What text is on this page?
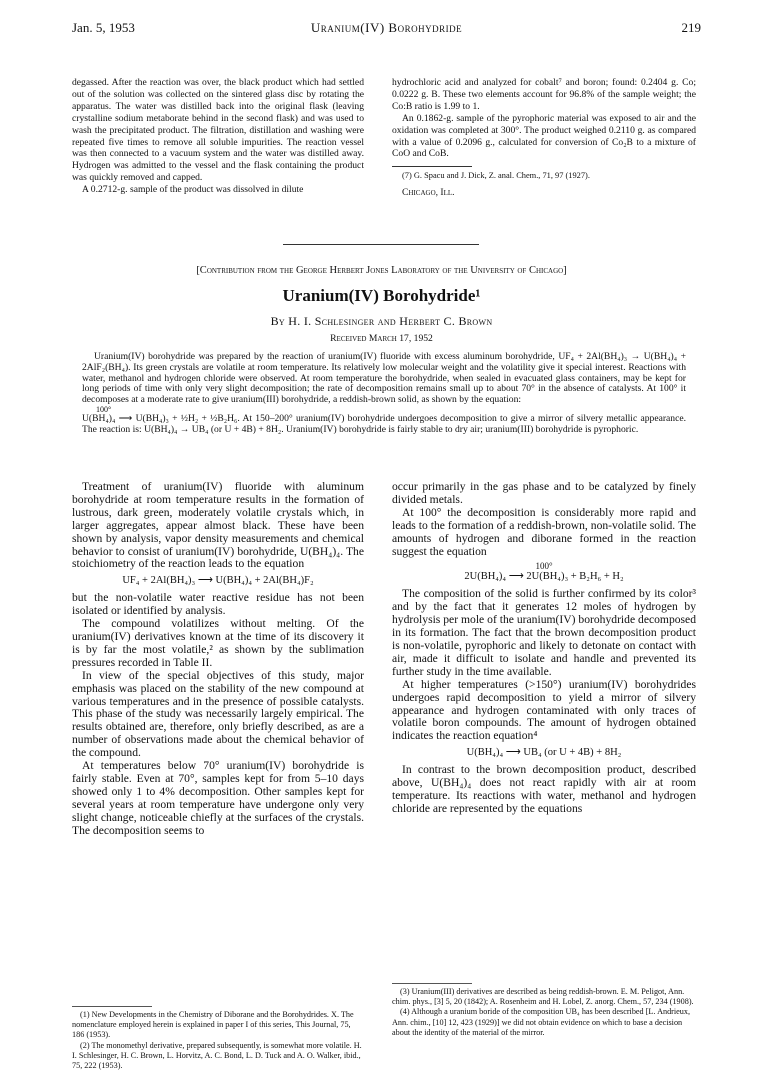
Jan. 5, 1953	Uranium(IV) Borohydride	219

degassed. After the reaction was over, the black product which had settled out of the solution was collected on the sintered glass disc by rotating the apparatus. The water was distilled back into the original flask (leaving crystalline sodium metaborate behind in the second flask) and was used to wash the precipitated product. The filtration, distillation and washing were repeated five times to remove all soluble impurities. The reaction vessel was then connected to a vacuum system and the water was distilled away. Hydrogen was admitted to the vessel and the flask containing the product was quickly removed and capped.

A 0.2712-g. sample of the product was dissolved in dilute

hydrochloric acid and analyzed for cobalt⁷ and boron; found: 0.2404 g. Co; 0.0222 g. B. These two elements account for 96.8% of the sample weight; the Co:B ratio is 1.99 to 1.

An 0.1862-g. sample of the pyrophoric material was exposed to air and the oxidation was completed at 300°. The product weighed 0.2110 g. as compared with a value of 0.2096 g., calculated for conversion of Co₂B to a mixture of CoO and CoB.

(7) G. Spacu and J. Dick, Z. anal. Chem., 71, 97 (1927).

Chicago, Ill.

[Contribution from the George Herbert Jones Laboratory of the University of Chicago]
Uranium(IV) Borohydride¹
By H. I. Schlesinger and Herbert C. Brown
Received March 17, 1952

Uranium(IV) borohydride was prepared by the reaction of uranium(IV) fluoride with excess aluminum borohydride, UF₄ + 2Al(BH₄)₃ → U(BH₄)₄ + 2AlF₂(BH₄). Its green crystals are volatile at room temperature. Its relatively low molecular weight and the volatility give it special interest. Reactions with water, methanol and hydrogen chloride were observed. At room temperature the borohydride, when sealed in evacuated glass containers, may be kept for long periods of time with only very slight decomposition; the rate of decomposition remains small up to about 70° in the absence of catalysts. At 100° it decomposes at a moderate rate to give uranium(III) borohydride, a reddish-brown solid, as shown by the equation:

100°

U(BH₄)₄ ⟶ U(BH₄)₃ + ½H₂ + ½B₂H₆. At 150–200° uranium(IV) borohydride undergoes decomposition to give a mirror of silvery metallic appearance. The reaction is: U(BH₄)₄ → UB₄ (or U + 4B) + 8H₂. Uranium(IV) borohydride is fairly stable to dry air; uranium(III) borohydride is pyrophoric.

Treatment of uranium(IV) fluoride with aluminum borohydride at room temperature results in the formation of lustrous, dark green, moderately volatile crystals which, in larger aggregates, appear almost black. These have been shown by analysis, vapor density measurements and chemical behavior to consist of uranium(IV) borohydride, U(BH₄)₄. The stoichiometry of the reaction leads to the equation

UF₄ + 2Al(BH₄)₃ ⟶ U(BH₄)₄ + 2Al(BH₄)F₂

but the non-volatile water reactive residue has not been isolated or identified by analysis.

The compound volatilizes without melting. Of the uranium(IV) derivatives known at the time of its discovery it is by far the most volatile,² as shown by the sublimation pressures recorded in Table II.

In view of the special objectives of this study, major emphasis was placed on the stability of the new compound at various temperatures and in the presence of possible catalysts. This phase of the study was necessarily largely empirical. The results obtained are, therefore, only briefly described, as are a number of observations made about the chemical behavior of the compound.

At temperatures below 70° uranium(IV) borohydride is fairly stable. Even at 70°, samples kept for from 5–10 days showed only 1 to 4% decomposition. Other samples kept for several years at room temperature have undergone only very slight change, noticeable chiefly at the surfaces of the crystals. The decomposition seems to

(1) New Developments in the Chemistry of Diborane and the Borohydrides. X. The nomenclature employed herein is explained in paper I of this series, This Journal, 75, 186 (1953).

(2) The monomethyl derivative, prepared subsequently, is somewhat more volatile. H. I. Schlesinger, H. C. Brown, L. Horvitz, A. C. Bond, L. D. Tuck and A. O. Walker, ibid., 75, 222 (1953).

occur primarily in the gas phase and to be catalyzed by finely divided metals.

At 100° the decomposition is considerably more rapid and leads to the formation of a reddish-brown, non-volatile solid. The amounts of hydrogen and diborane formed in the reaction suggest the equation

100°
2U(BH₄)₄ ⟶ 2U(BH₄)₃ + B₂H₆ + H₂

The composition of the solid is further confirmed by its color³ and by the fact that it generates 12 moles of hydrogen by hydrolysis per mole of the uranium(IV) borohydride decomposed in its formation. The fact that the brown decomposition product is non-volatile, pyrophoric and likely to detonate on contact with air, made it difficult to isolate and handle and prevented its further study in the time available.

At higher temperatures (>150°) uranium(IV) borohydrides undergoes rapid decomposition to yield a mirror of silvery appearance and hydrogen contaminated with only traces of volatile boron compounds. The amount of hydrogen obtained indicates the reaction equation⁴

U(BH₄)₄ ⟶ UB₄ (or U + 4B) + 8H₂

In contrast to the brown decomposition product, described above, U(BH₄)₄ does not react rapidly with air at room temperature. Its reactions with water, methanol and hydrogen chloride are represented by the equations

(3) Uranium(III) derivatives are described as being reddish-brown. E. M. Peligot, Ann. chim. phys., [3] 5, 20 (1842); A. Rosenheim and H. Lobel, Z. anorg. Chem., 57, 234 (1908).

(4) Although a uranium boride of the composition UB₄ has been described [L. Andrieux, Ann. chim., [10] 12, 423 (1929)] we did not obtain evidence on which to base a decision about the identity of the material of the mirror.
